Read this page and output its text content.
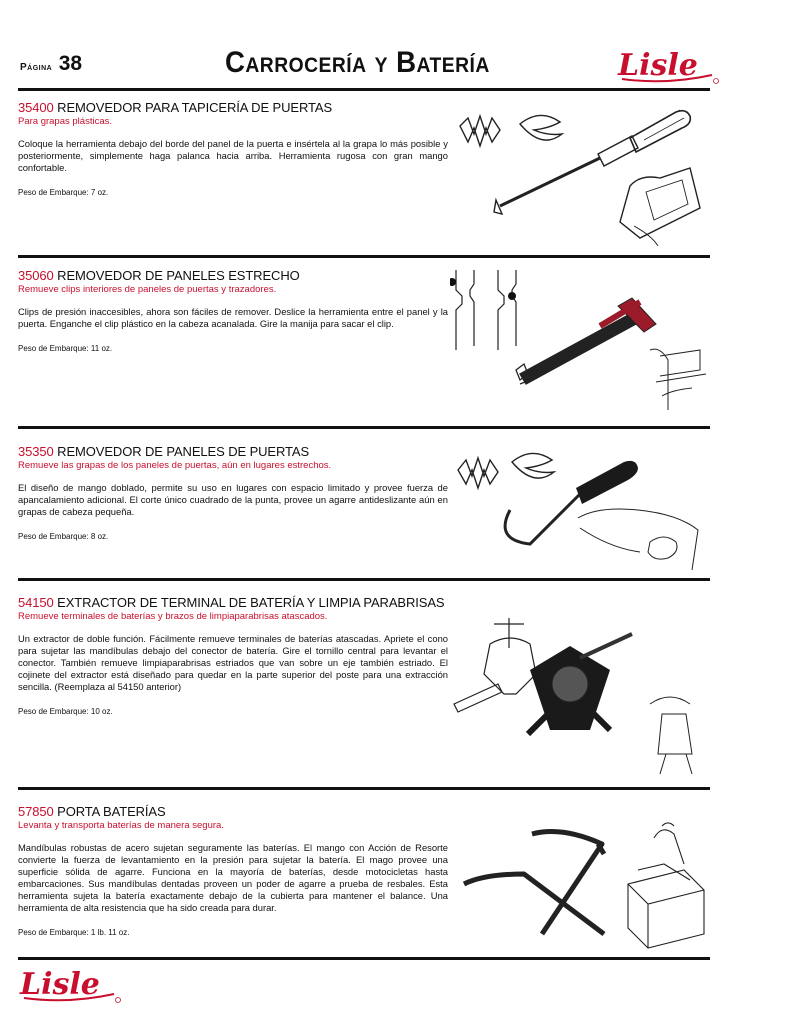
Página 38	Carrocería y Batería	Lisle
35400 REMOVEDOR PARA TAPICERÍA DE PUERTAS
Para grapas plásticas.
Coloque la herramienta debajo del borde del panel de la puerta e insértela al la grapa lo más posible y posteriormente, simplemente haga palanca hacia arriba. Herramienta rugosa con gran mango confortable.
Peso de Embarque: 7 oz.
35060 REMOVEDOR DE PANELES ESTRECHO
Remueve clips interiores de paneles de puertas y trazadores.
Clips de presión inaccesibles, ahora son fáciles de remover. Deslice la herramienta entre el panel y la puerta. Enganche el clip plástico en la cabeza acanalada. Gire la manija para sacar el clip.
Peso de Embarque: 11 oz.
35350 REMOVEDOR DE PANELES DE PUERTAS
Remueve las grapas de los paneles de puertas, aún en lugares estrechos.
El diseño de mango doblado, permite su uso en lugares con espacio limitado y provee fuerza de apancalamiento adicional. El corte único cuadrado de la punta, provee un agarre antideslizante aún en grapas de cabeza pequeña.
Peso de Embarque: 8 oz.
54150 EXTRACTOR DE TERMINAL DE BATERÍA Y LIMPIA PARABRISAS
Remueve terminales de baterías y brazos de limpiaparabrisas atascados.
Un extractor de doble función. Fácilmente remueve terminales de baterías atascadas. Apriete el cono para sujetar las mandíbulas debajo del conector de batería. Gire el tornillo central para levantar el conector. También remueve limpiaparabrisas estriados que van sobre un eje también estriado. El cojinete del extractor está diseñado para quedar en la parte superior del poste para una extracción sencilla. (Reemplaza al 54150 anterior)
Peso de Embarque: 10 oz.
57850 PORTA BATERÍAS
Levanta y transporta baterías de manera segura.
Mandíbulas robustas de acero sujetan seguramente las baterías. El mango con Acción de Resorte convierte la fuerza de levantamiento en la presión para sujetar la batería. El mago provee una superficie sólida de agarre. Funciona en la mayoría de baterías, desde motocicletas hasta embarcaciones. Sus mandíbulas dentadas proveen un poder de agarre a prueba de resbales. Esta herramienta sujeta la batería exactamente debajo de la cubierta para mantener el balance. Una herramienta de alta resistencia que ha sido creada para durar.
Peso de Embarque: 1 lb. 11 oz.
Lisle
